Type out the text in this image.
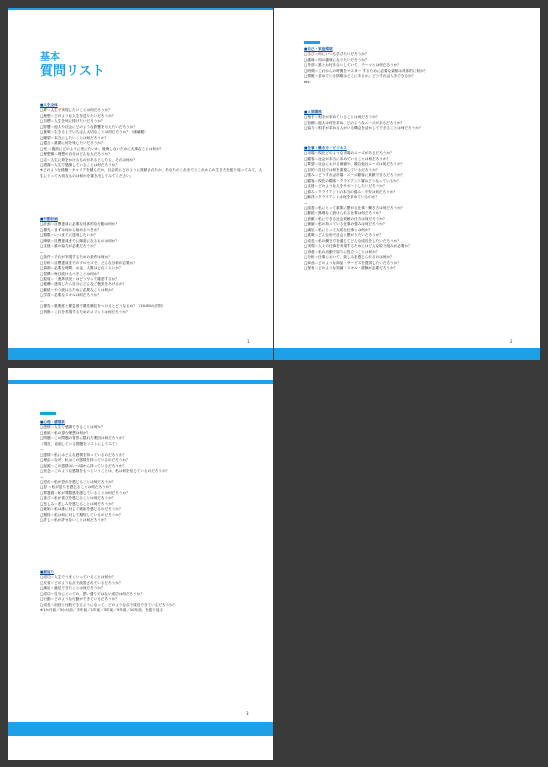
基本
質問リスト
■人生全体
□夢＝人生で実現したいことは何だろうか？
□理想＝どのような人生を送りたいだろうか？
□目標＝人生を何に捧げたいだろうか？
□影響＝他人や社会にどのような影響を与えたいだろうか？
□挑戦＝生きる上でいちばん大切なことは何だろうか？（価値観）
□願望＝本当にしたいことは何だろうか？
□遺言＝最期に何を残したいだろうか？
□死 ＝臨終にどのように死にたいか、後悔しないために大事なことは何か？
□理想像＝理想の自分はどんな人だろうか？
□志＝人生に命をかけるものがあるとしたら、それは何か？
□感謝＝人生で感謝していることは何だろうか？
※どのような経験・キャリアを積んだか、社会的にどのように貢献されたか、あなたのこれまでとこれからの生き方を振り返ってみて、人生にとって大切なものは何かを書き出してみてください。
■行動計画
□計画＝目標達成に必要な具体的な行動は何か？
□優先＝まずは何から始めるべきか？
□期限＝いつまでに達成したいか？
□障壁＝目標達成までに障害になるものは何か？
□支援＝誰の協力が必要だろうか？
—
□条件＝それが実現するための条件は何か？
□分析＝目標達成までのプロセスで、どんな分析が必要か？
□資源＝必要な時間、お金、人脈はどれくらいか？
□習慣＝毎日続けるべきことは何か？
□振返＝「進捗状況」はどうやって確認するか？
□報酬＝達成したら自分にどんなご褒美をあげるか？
□継続＝やり続けるために必要なことは何か？
□学習＝必要なスキルは何だろうか？
—
□優先＝重要度と緊急度で優先順位をつけるとどうなるか？（20:80の法則）
□判断＝これを実現するためのメリットは何だろうか？
1
■自己・家庭環境
□学び＝何にいつも学びたいだろうか？
□趣味＝何の趣味になりたいだろうか？
□外部＝誰とお付き合いしていて、テーマとは何だろうか？
□時間＝これからの時間をマスター するために必要な資格は具体的に何か？
□情報＝求めている情報はどこにあるか。どうすれば入手できるか？
etc.
■人間関係
□相手＝相手が求めていることは何だろうか？
□信頼＝他人は何を求め、どのようなニーズがあるだろうか？
□協力＝相手が求める人がいる機会を活かしてできることは何だろうか？
■仕事・働き方・ビジネス
□市場＝現在どのような市場のニーズがあるだろうか？
□顧客＝社会が本当に求めていることは何だろうか？
□要望＝社会における価値や、競合他社ニーズは何だろうか？
□目的＝自社では何を重視しているだろうか？
□強み＝どうすれば市場・ニーズ顧客に貢献できるだろうか？
□顧客＝現在の顧客・クライアント層はどうなっているか？
□支援＝どのような人をサポートしたいだろうか？
□悩み＝クライアントの本当の悩み・不安は何だろうか？
□解決＝クライアントは何を求めているのか？
—
□改善＝私にとって重要に繋がる仕事・働き方は何だろうか？
□継続＝無理なく続けられる仕事は何だろうか？
□貢献＝私にできる社会貢献の仕方は何だろうか？
□価値＝私の持っている仕事の強みは何だろうか？
□満足＝私にとって大切な仕事とは何か？
□挑戦＝どんな形で社会と繋がりたいだろうか？
□成長＝私の働き方を通じてどんな成長をしたいだろうか？
□実現＝人々の仕事を実現するためにはどんな取り組みが必要か？
□得意＝私の活動で周りに役立つことは何か？
□分析＝仕事において、楽しみを感じられるのは何か？
□商品＝どのような商品・サービスを提供したいだろうか？
□保有＝どのような知識・スキル・経験が必要だろうか？
2
■心理・感情系
□感情＝人生で感謝できることは何か？
□意欲＝私の望む理想は何か？
□問題＝この問題の背景に隠れた要因は何だろうか？
（現在、直面している問題をリストにしてみて）
—
□感情＝私にはどんな感情を持っているのだろうか？
□理由＝なぜ、私はこの感情を持っているのだろうか？
□起源＝この感情はいつ頃から持っているだろうか？
□信念＝このような感情をもつということは、私は何を信じているのだろうか？
—
□恐れ＝私が恐れを感じることは何だろうか？
□怒 ＝私が怒りを感じることは何だろうか？
□罪悪感＝私が罪悪感を感じていることは何だろうか？
□喜び＝私が喜びを感じることは何だろうか？
□悲しみ＝悲しみを感じることは何だろうか？
□嫉妬＝私は誰に対して嫉妬を感じるのだろうか？
□期待＝私は何に対して期待しているのだろうか？
□許し＝私が許せないことは何だろうか？
■振返り
□成功＝人生でうまくいっていることは何か？
□反省＝どのような点で改善されているだろうか？
□満足＝満足できたことは何だろうか？
□成功＝自分にとっての、思い通りではない成功は何だろうか？
□行動＝どのような行動ができているだろうか？
□成長＝前回と比較できるようになって、どのような点で成長できているだろうか？
※1か月前／3か月前／半年前／1年前／3年前／5年前／10年前、を振り返る
3
